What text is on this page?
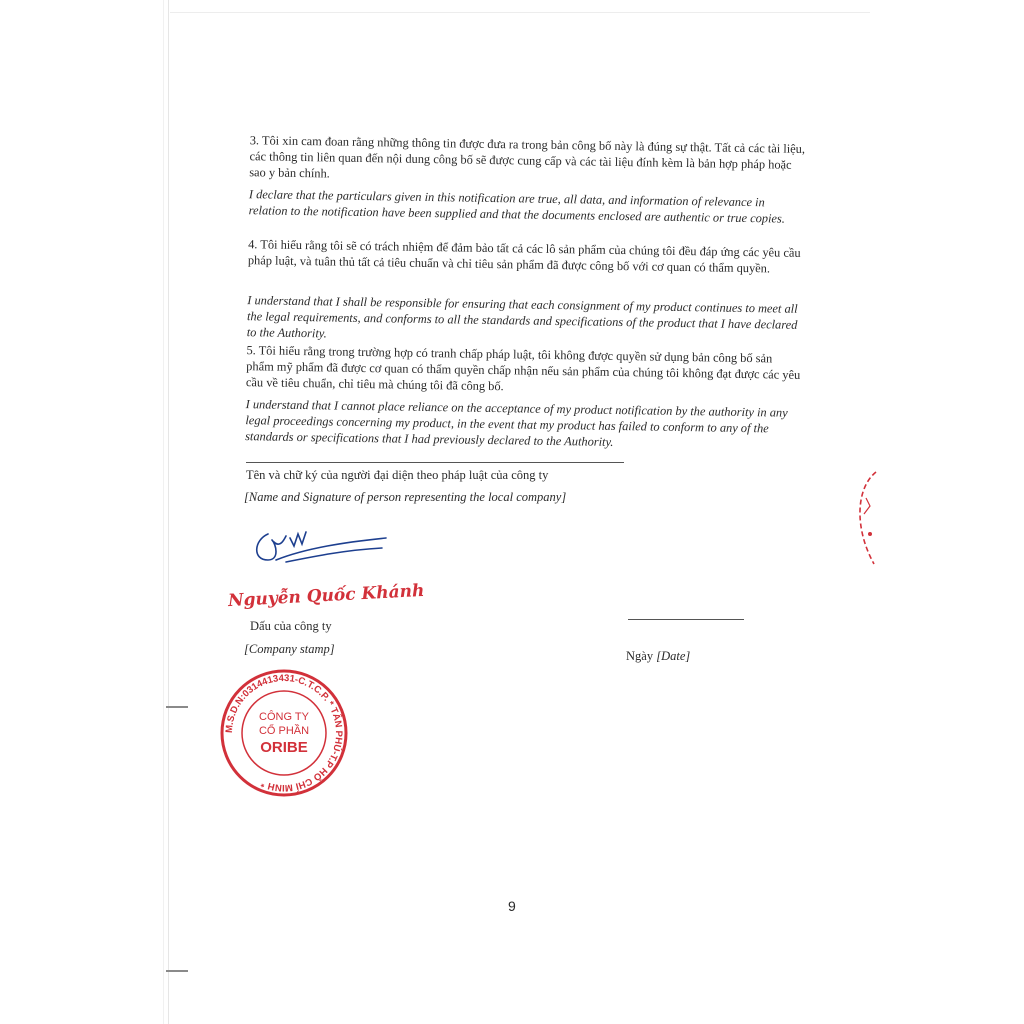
3. Tôi xin cam đoan rằng những thông tin được đưa ra trong bản công bố này là đúng sự thật. Tất cả các tài liệu, các thông tin liên quan đến nội dung công bố sẽ được cung cấp và các tài liệu đính kèm là bản hợp pháp hoặc sao y bản chính.

I declare that the particulars given in this notification are true, all data, and information of relevance in relation to the notification have been supplied and that the documents enclosed are authentic or true copies.

4. Tôi hiểu rằng tôi sẽ có trách nhiệm để đảm bảo tất cả các lô sản phẩm của chúng tôi đều đáp ứng các yêu cầu pháp luật, và tuân thủ tất cả tiêu chuẩn và chỉ tiêu sản phẩm đã được công bố với cơ quan có thẩm quyền.

I understand that I shall be responsible for ensuring that each consignment of my product continues to meet all the legal requirements, and conforms to all the standards and specifications of the product that I have declared to the Authority.

5. Tôi hiểu rằng trong trường hợp có tranh chấp pháp luật, tôi không được quyền sử dụng bản công bố sản phẩm mỹ phẩm đã được cơ quan có thẩm quyền chấp nhận nếu sản phẩm của chúng tôi không đạt được các yêu cầu về tiêu chuẩn, chỉ tiêu mà chúng tôi đã công bố.

I understand that I cannot place reliance on the acceptance of my product notification by the authority in any legal proceedings concerning my product, in the event that my product has failed to conform to any of the standards or specifications that I had previously declared to the Authority.

Tên và chữ ký của người đại diện theo pháp luật của công ty

[Name and Signature of person representing the local company]

Nguyễn Quốc Khánh

Dấu của công ty

[Company stamp]	Ngày [Date]

M.S.D.N:0314413431-C.T.C.P. * TÂN PHÚ-T.P HỒ CHÍ MINH *
CÔNG TY
CỔ PHẦN
ORIBE
9
